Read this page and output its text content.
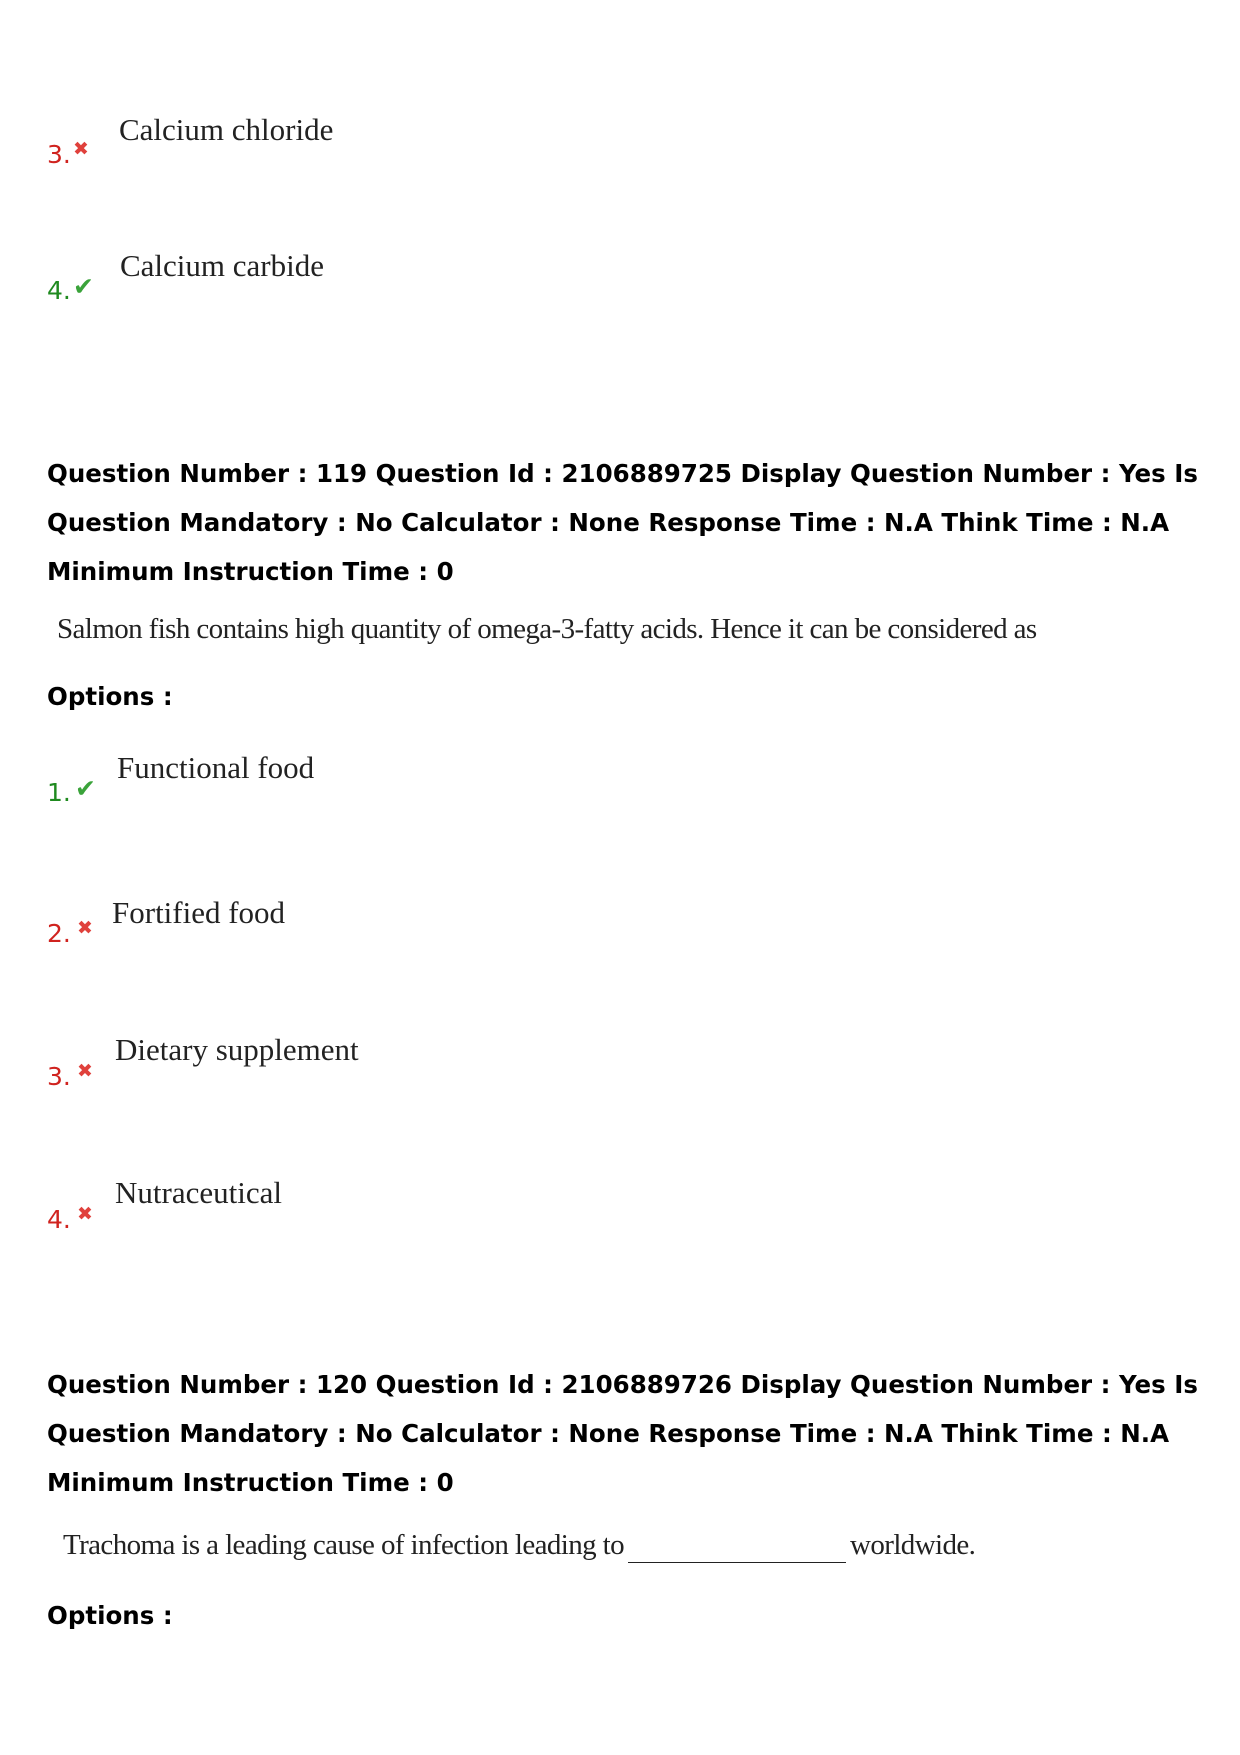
3. ✖
Calcium chloride
4. ✔
Calcium carbide
Question Number : 119 Question Id : 2106889725 Display Question Number : Yes Is Question Mandatory : No Calculator : None Response Time : N.A Think Time : N.A Minimum Instruction Time : 0
Salmon fish contains high quantity of omega-3-fatty acids. Hence it can be considered as
Options :
1. ✔
Functional food
2. ✖ Fortified food
3. ✖
Dietary supplement
4. ✖
Nutraceutical
Question Number : 120 Question Id : 2106889726 Display Question Number : Yes Is Question Mandatory : No Calculator : None Response Time : N.A Think Time : N.A Minimum Instruction Time : 0
Trachoma is a leading cause of infection leading to	worldwide.
Options :
